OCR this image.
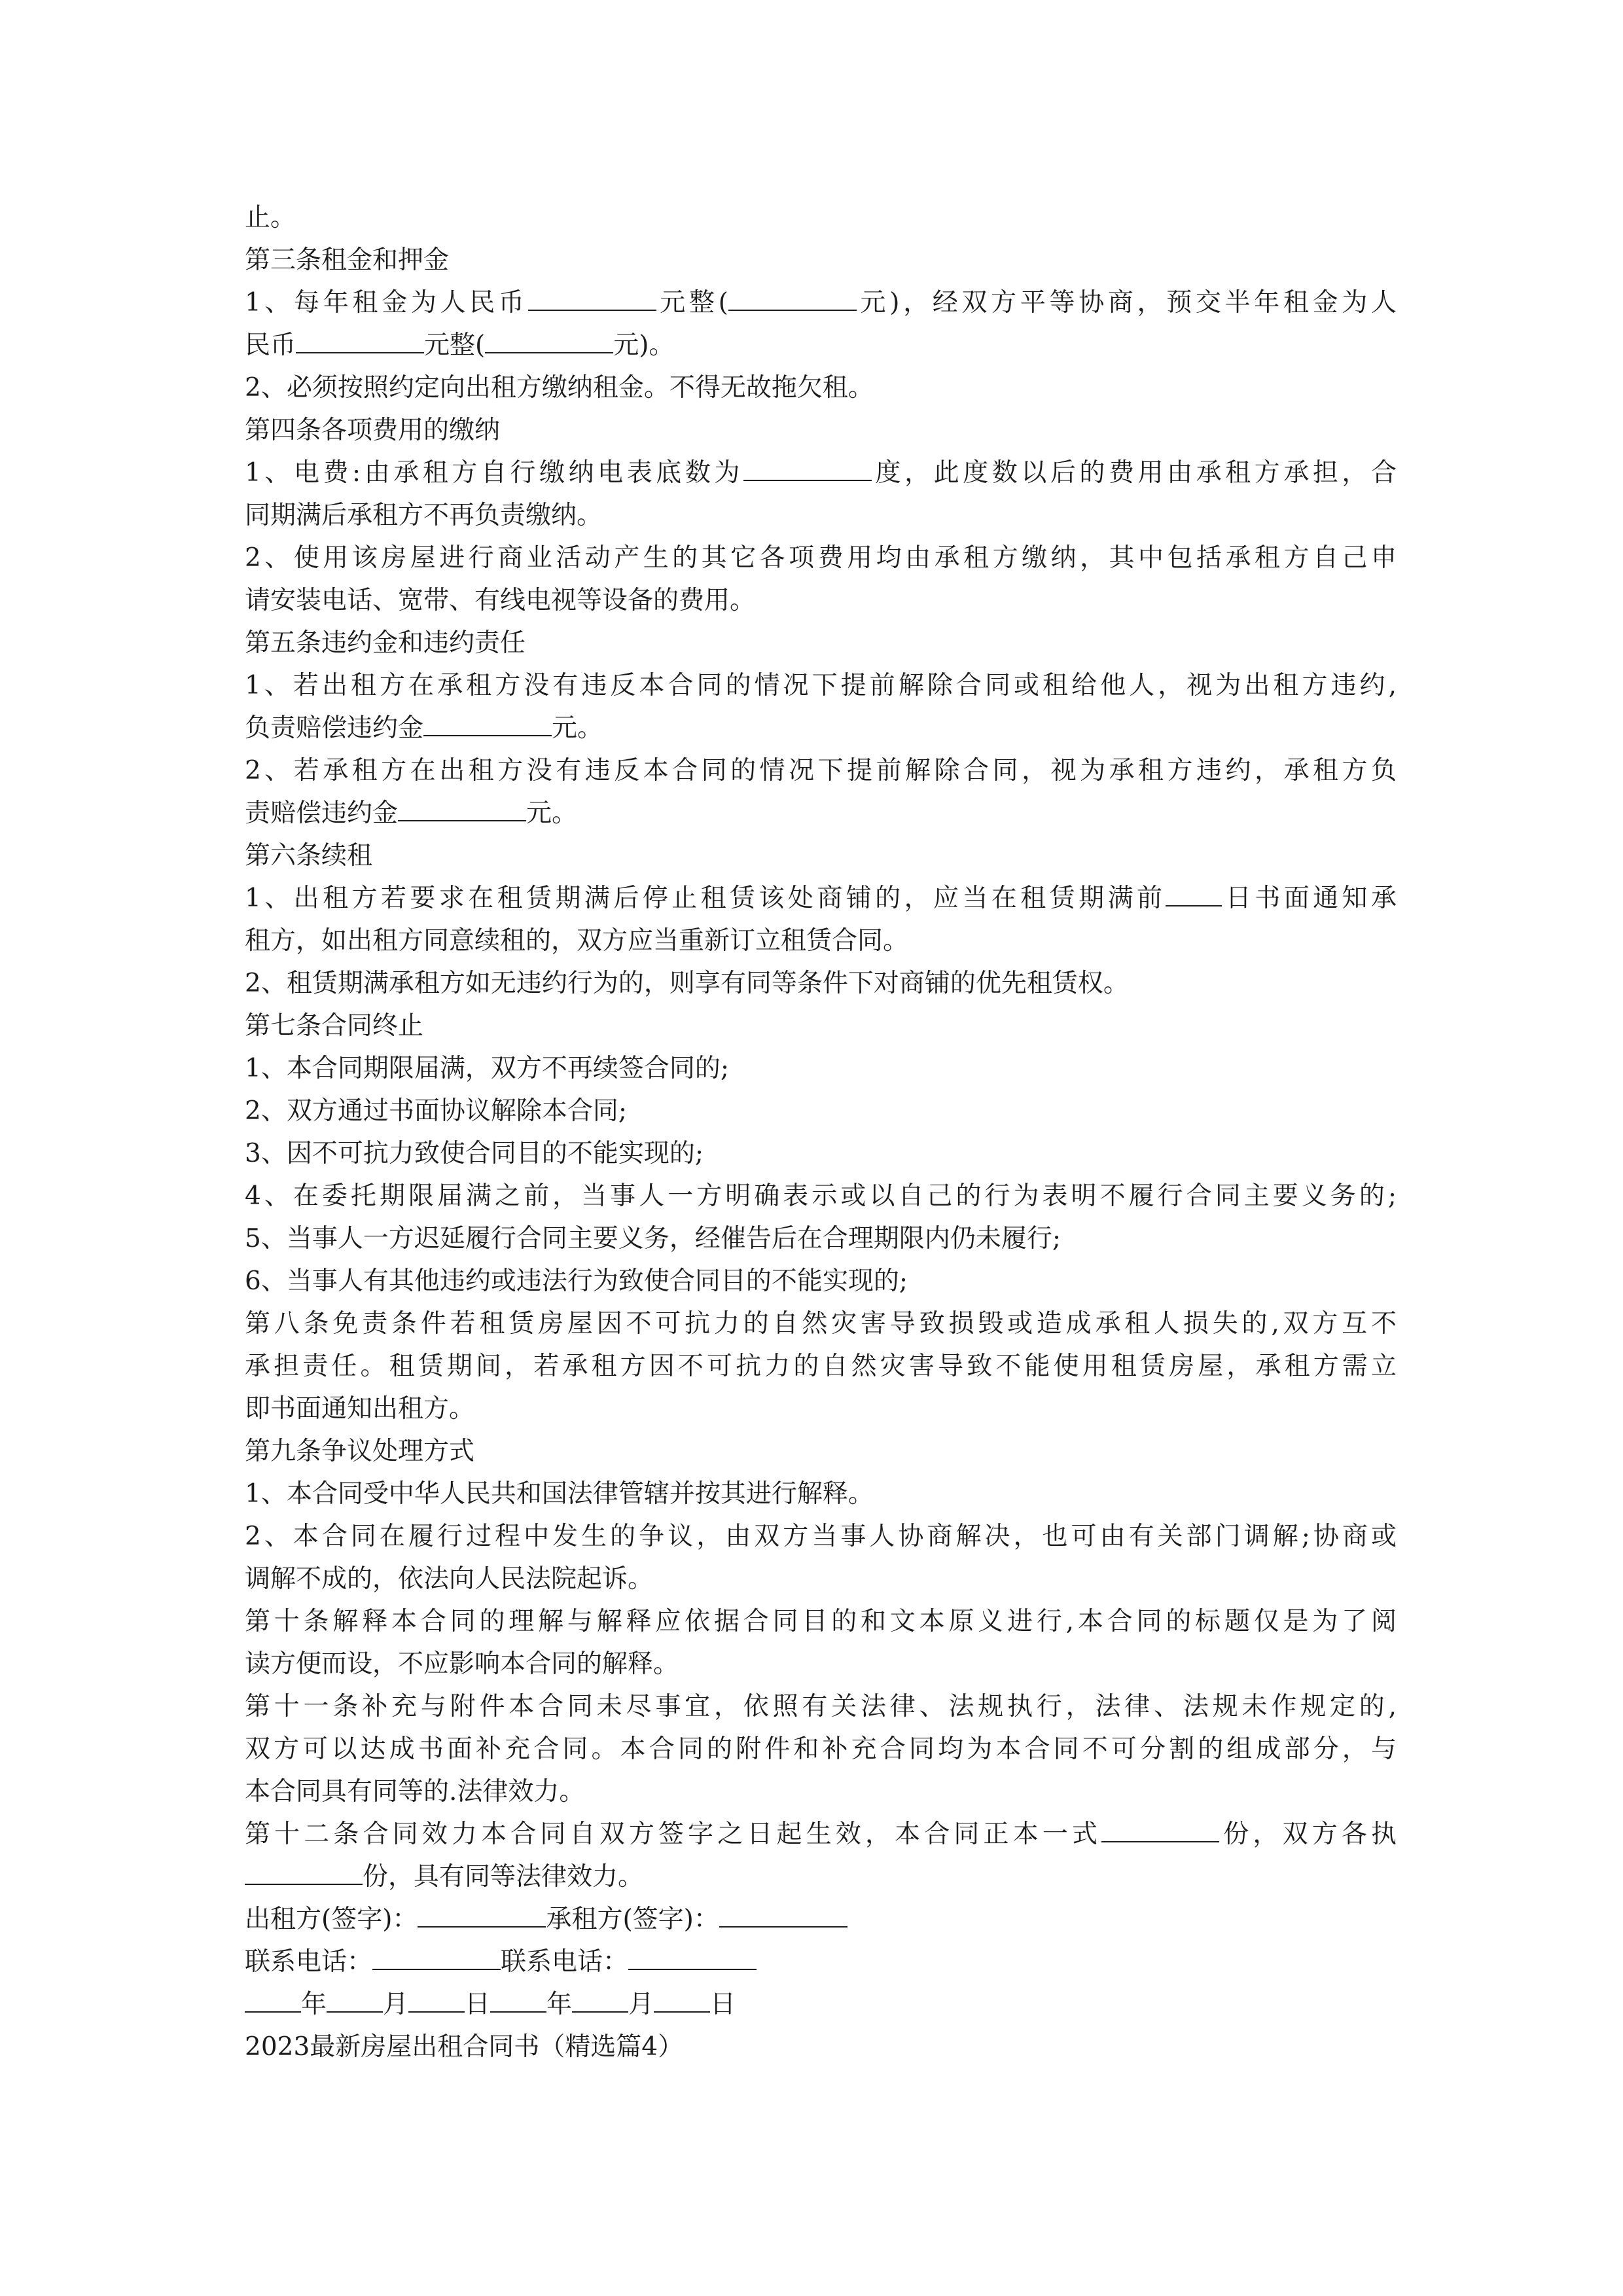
止。
第三条租金和押金
1、每年租金为人民币	元整(	元)，经双方平等协商，预交半年租金为人
民币	元整(	元)。
2、必须按照约定向出租方缴纳租金。不得无故拖欠租。
第四条各项费用的缴纳
1、电费:由承租方自行缴纳电表底数为	度，此度数以后的费用由承租方承担，合
同期满后承租方不再负责缴纳。
2、使用该房屋进行商业活动产生的其它各项费用均由承租方缴纳，其中包括承租方自己申
请安装电话、宽带、有线电视等设备的费用。
第五条违约金和违约责任
1、若出租方在承租方没有违反本合同的情况下提前解除合同或租给他人，视为出租方违约,
负责赔偿违约金	元。
2、若承租方在出租方没有违反本合同的情况下提前解除合同，视为承租方违约，承租方负
责赔偿违约金	元。
第六条续租
1、出租方若要求在租赁期满后停止租赁该处商铺的，应当在租赁期满前 日书面通知承
租方，如出租方同意续租的，双方应当重新订立租赁合同。
2、租赁期满承租方如无违约行为的，则享有同等条件下对商铺的优先租赁权。
第七条合同终止
1、本合同期限届满，双方不再续签合同的;
2、双方通过书面协议解除本合同;
3、因不可抗力致使合同目的不能实现的;
4、在委托期限届满之前，当事人一方明确表示或以自己的行为表明不履行合同主要义务的;
5、当事人一方迟延履行合同主要义务，经催告后在合理期限内仍未履行;
6、当事人有其他违约或违法行为致使合同目的不能实现的;
第八条免责条件若租赁房屋因不可抗力的自然灾害导致损毁或造成承租人损失的,双方互不
承担责任。租赁期间，若承租方因不可抗力的自然灾害导致不能使用租赁房屋，承租方需立
即书面通知出租方。
第九条争议处理方式
1、本合同受中华人民共和国法律管辖并按其进行解释。
2、本合同在履行过程中发生的争议，由双方当事人协商解决，也可由有关部门调解;协商或
调解不成的，依法向人民法院起诉。
第十条解释本合同的理解与解释应依据合同目的和文本原义进行,本合同的标题仅是为了阅
读方便而设，不应影响本合同的解释。
第十一条补充与附件本合同未尽事宜，依照有关法律、法规执行，法律、法规未作规定的,
双方可以达成书面补充合同。本合同的附件和补充合同均为本合同不可分割的组成部分，与
本合同具有同等的.法律效力。
第十二条合同效力本合同自双方签字之日起生效，本合同正本一式	份，双方各执
份，具有同等法律效力。
出租方(签字)：	承租方(签字)：
联系电话：	联系电话：
年 月 日 年 月 日
2023最新房屋出租合同书（精选篇4）
